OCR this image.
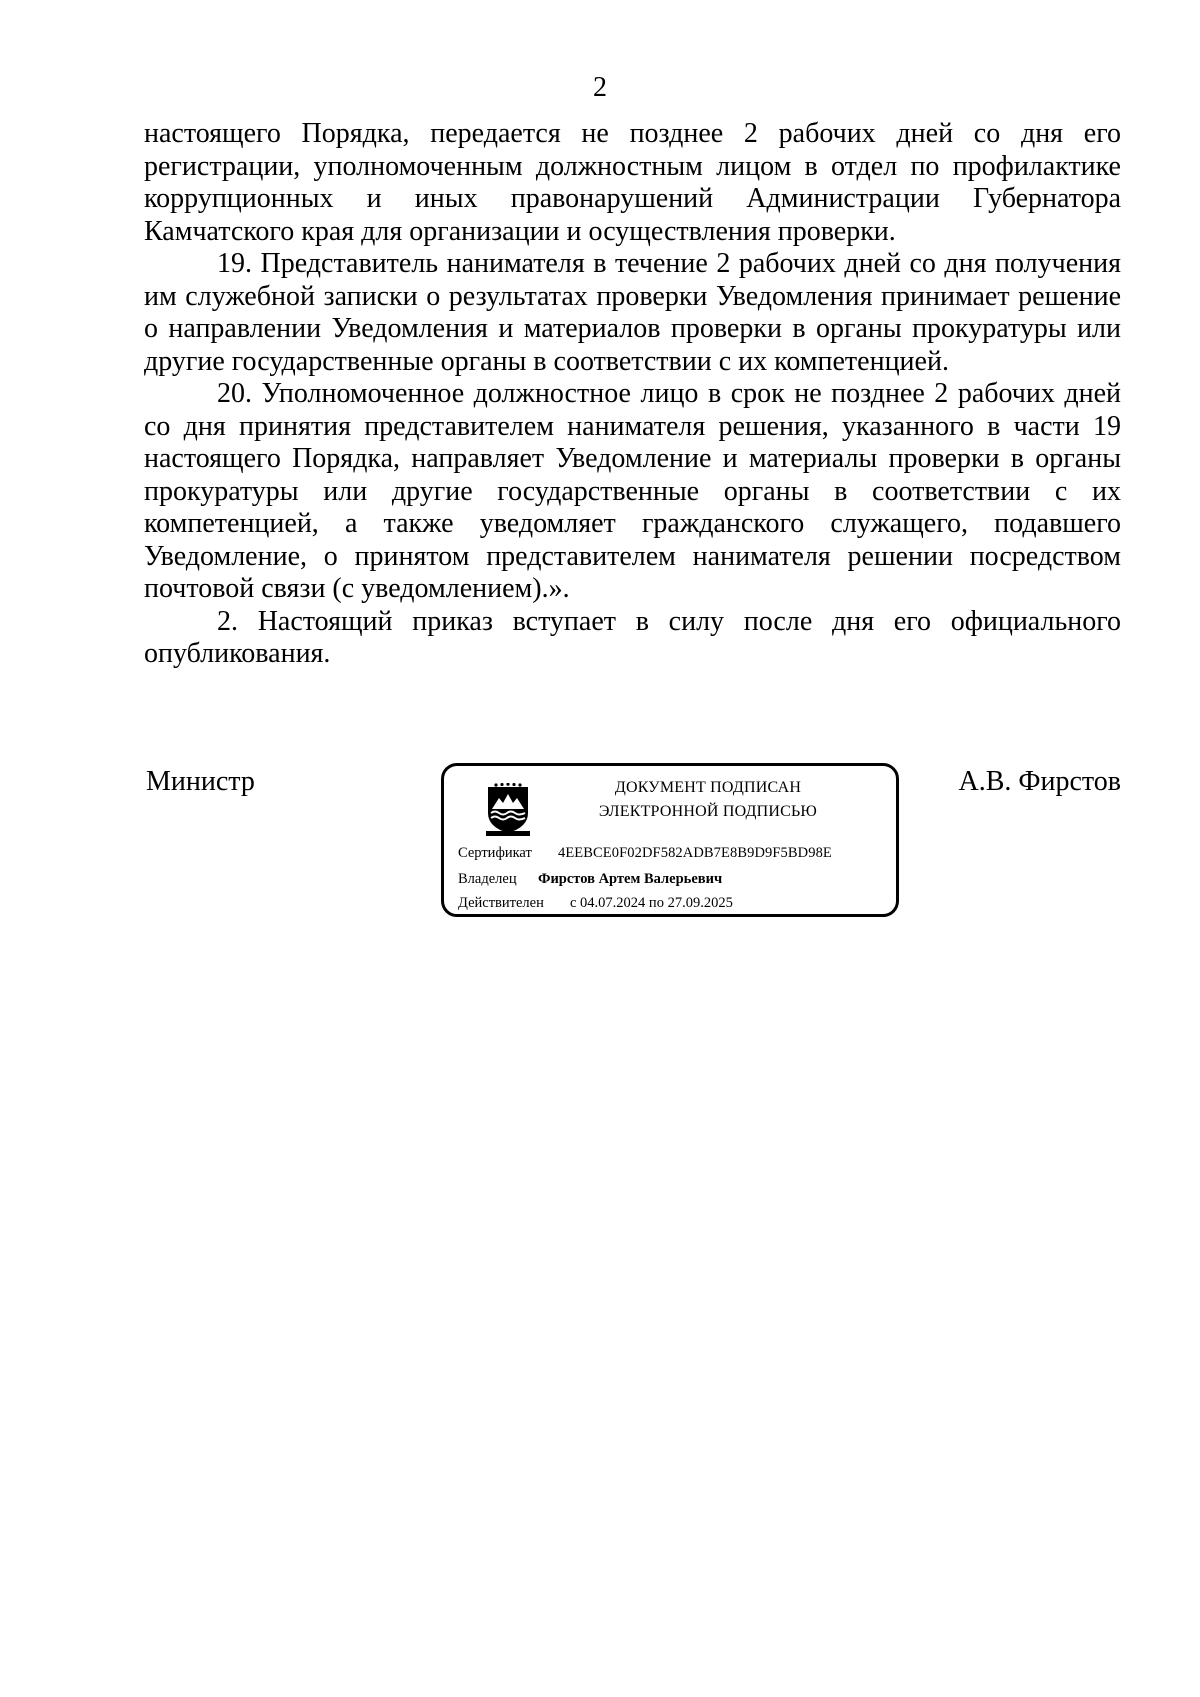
2

настоящего Порядка, передается не позднее 2 рабочих дней со дня его регистрации, уполномоченным должностным лицом в отдел по профилактике коррупционных и иных правонарушений Администрации Губернатора Камчатского края для организации и осуществления проверки.

19. Представитель нанимателя в течение 2 рабочих дней со дня получения им служебной записки о результатах проверки Уведомления принимает решение о направлении Уведомления и материалов проверки в органы прокуратуры или другие государственные органы в соответствии с их компетенцией.

20. Уполномоченное должностное лицо в срок не позднее 2 рабочих дней со дня принятия представителем нанимателя решения, указанного в части 19 настоящего Порядка, направляет Уведомление и материалы проверки в органы прокуратуры или другие государственные органы в соответствии с их компетенцией, а также уведомляет гражданского служащего, подавшего Уведомление, о принятом представителем нанимателя решении посредством почтовой связи (с уведомлением).».

2. Настоящий приказ вступает в силу после дня его официального опубликования.

Министр	ДОКУМЕНТ ПОДПИСАН
ЭЛЕКТРОННОЙ ПОДПИСЬЮ
Сертификат 4EEBCE0F02DF582ADB7E8B9D9F5BD98E
Владелец Фирстов Артем Валерьевич
Действителен с 04.07.2024 по 27.09.2025
А.В. Фирстов
